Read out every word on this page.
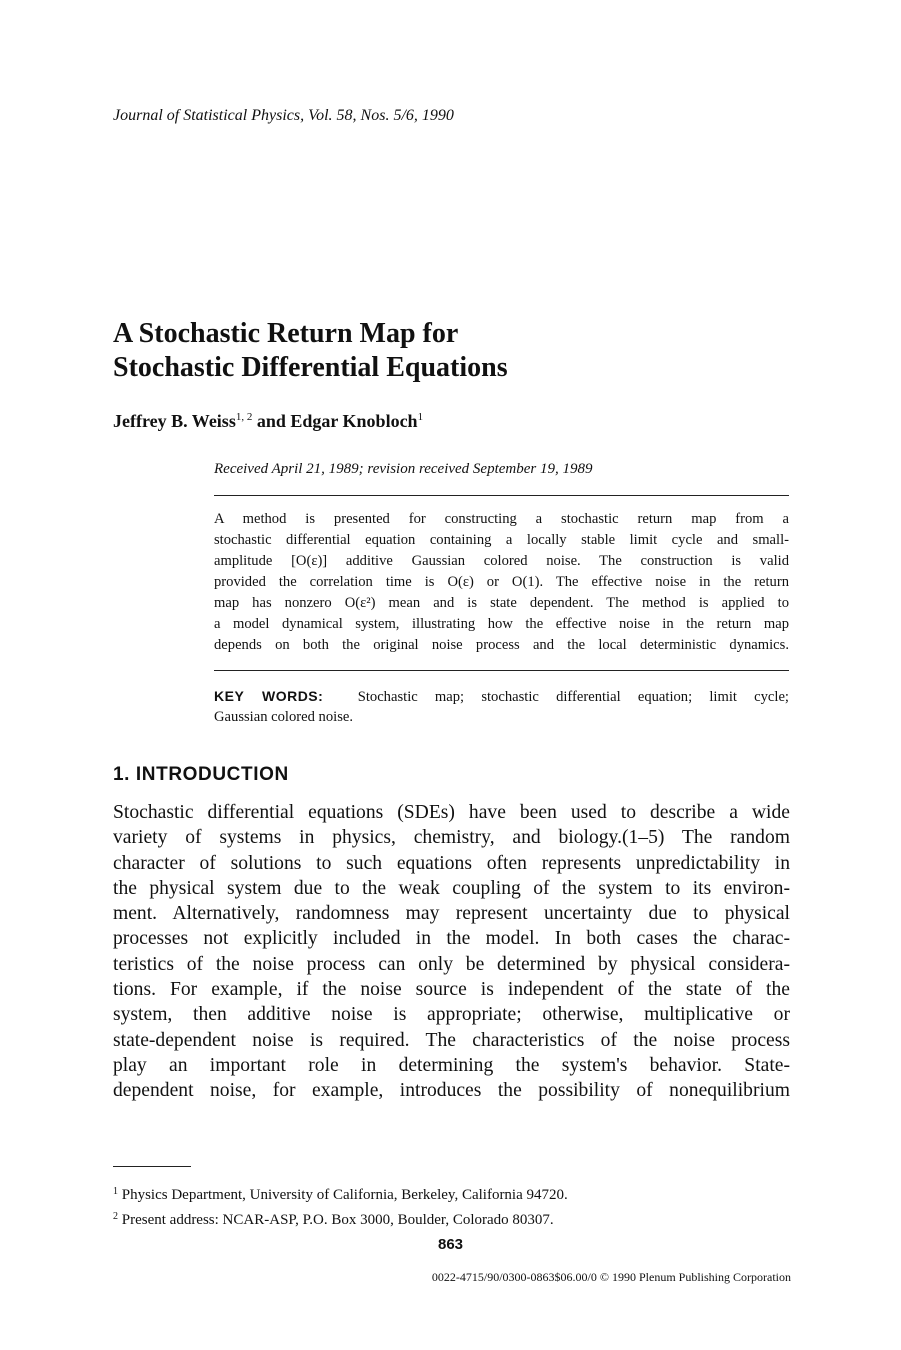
Journal of Statistical Physics, Vol. 58, Nos. 5/6, 1990
A Stochastic Return Map for
Stochastic Differential Equations
Jeffrey B. Weiss$^{1, 2}$ and Edgar Knobloch$^1$
Received April 21, 1989; revision received September 19, 1989
A method is presented for constructing a stochastic return map from a
stochastic differential equation containing a locally stable limit cycle and small-
amplitude [O(ε)] additive Gaussian colored noise. The construction is valid
provided the correlation time is O(ε) or O(1). The effective noise in the return
map has nonzero O(ε²) mean and is state dependent. The method is applied to
a model dynamical system, illustrating how the effective noise in the return map
depends on both the original noise process and the local deterministic dynamics.
KEY WORDS: Stochastic map; stochastic differential equation; limit cycle;
Gaussian colored noise.
1. INTRODUCTION
Stochastic differential equations (SDEs) have been used to describe a wide
variety of systems in physics, chemistry, and biology.(1–5) The random
character of solutions to such equations often represents unpredictability in
the physical system due to the weak coupling of the system to its environ-
ment. Alternatively, randomness may represent uncertainty due to physical
processes not explicitly included in the model. In both cases the charac-
teristics of the noise process can only be determined by physical considera-
tions. For example, if the noise source is independent of the state of the
system, then additive noise is appropriate; otherwise, multiplicative or
state-dependent noise is required. The characteristics of the noise process
play an important role in determining the system's behavior. State-
dependent noise, for example, introduces the possibility of nonequilibrium
$^1$ Physics Department, University of California, Berkeley, California 94720.
$^2$ Present address: NCAR-ASP, P.O. Box 3000, Boulder, Colorado 80307.
863
0022-4715/90/0300-0863$06.00/0 © 1990 Plenum Publishing Corporation
